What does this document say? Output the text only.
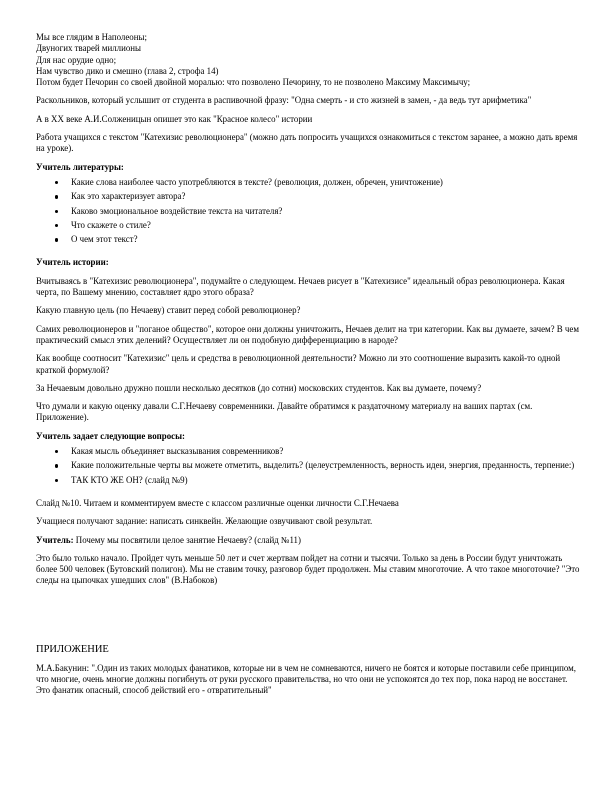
Мы все глядим в Наполеоны;

Двуногих тварей миллионы

Для нас орудие одно;

Нам чувство дико и смешно (глава 2, строфа 14)

Потом будет Печорин со своей двойной моралью: что позволено Печорину, то не позволено Максиму Максимычу;

Раскольников, который услышит от студента в распивочной фразу: "Одна смерть - и сто жизней в замен, - да ведь тут арифметика"

А в ХХ веке А.И.Солженицын опишет это как "Красное колесо" истории

Работа учащихся с текстом "Катехизис революционера" (можно дать попросить учащихся ознакомиться с текстом заранее, а можно дать время на уроке).

Учитель литературы:

Какие слова наиболее часто употребляются в тексте? (революция, должен, обречен, уничтожение)
Как это характеризует автора?
Каково эмоциональное воздействие текста на читателя?
Что скажете о стиле?
О чем этот текст?

Учитель истории:

Вчитываясь в "Катехизис революционера", подумайте о следующем. Нечаев рисует в "Катехизисе" идеальный образ революционера. Какая черта, по Вашему мнению, составляет ядро этого образа?

Какую главную цель (по Нечаеву) ставит перед собой революционер?

Самих революционеров и "поганое общество", которое они должны уничтожить, Нечаев делит на три категории. Как вы думаете, зачем? В чем практический смысл этих делений? Осуществляет ли он подобную дифференциацию в народе?

Как вообще соотносит "Катехизис" цель и средства в революционной деятельности? Можно ли это соотношение выразить какой-то одной краткой формулой?

За Нечаевым довольно дружно пошли несколько десятков (до сотни) московских студентов. Как вы думаете, почему?

Что думали и какую оценку давали С.Г.Нечаеву современники. Давайте обратимся к раздаточному материалу на ваших партах (см. Приложение).

Учитель задает следующие вопросы:

Какая мысль объединяет высказывания современников?
Какие положительные черты вы можете отметить, выделить? (целеустремленность, верность идеи, энергия, преданность, терпение:)
ТАК КТО ЖЕ ОН? (слайд №9)

Слайд №10. Читаем и комментируем вместе с классом различные оценки личности С.Г.Нечаева

Учащиеся получают задание: написать синквейн. Желающие озвучивают свой результат.

Учитель: Почему мы посвятили целое занятие Нечаеву? (слайд №11)

Это было только начало. Пройдет чуть меньше 50 лет и счет жертвам пойдет на сотни и тысячи. Только за день в России будут уничтожать более 500 человек (Бутовский полигон). Мы не ставим точку, разговор будет продолжен. Мы ставим многоточие. А что такое многоточие? "Это следы на цыпочках ушедших слов" (В.Набоков)

ПРИЛОЖЕНИЕ

М.А.Бакунин: ".Один из таких молодых фанатиков, которые ни в чем не сомневаются, ничего не боятся и которые поставили себе принципом, что многие, очень многие должны погибнуть от руки русского правительства, но что они не успокоятся до тех пор, пока народ не восстанет. Это фанатик опасный, способ действий его - отвратительный"
